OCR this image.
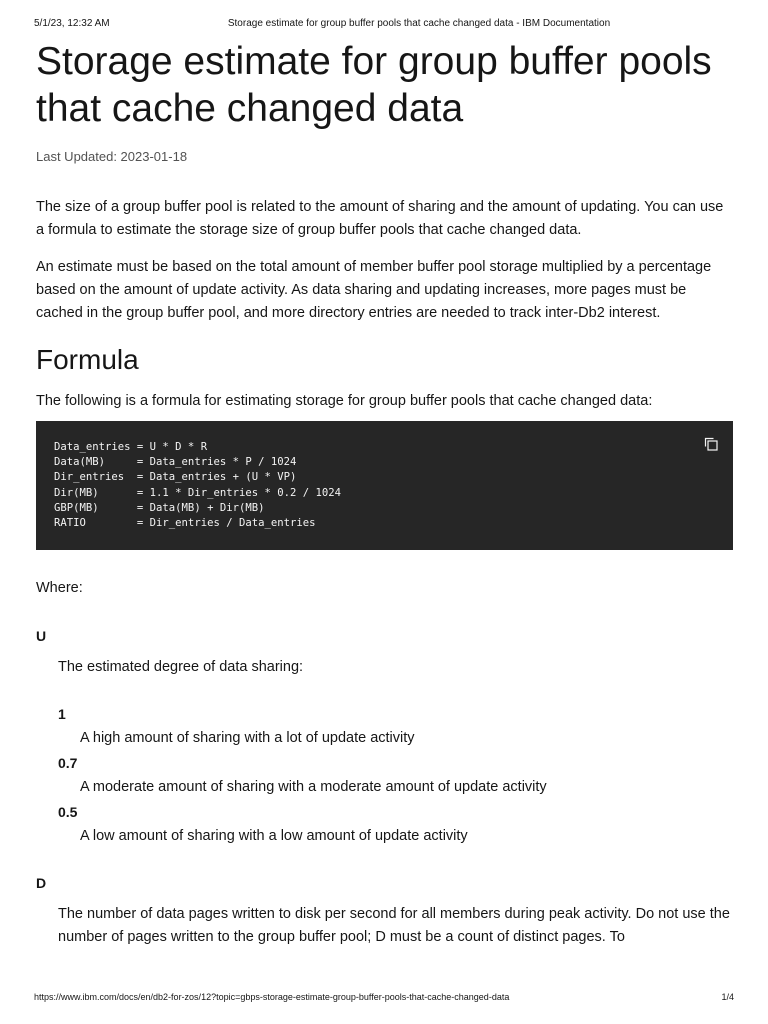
5/1/23, 12:32 AM	Storage estimate for group buffer pools that cache changed data - IBM Documentation
Storage estimate for group buffer pools that cache changed data
Last Updated: 2023-01-18

The size of a group buffer pool is related to the amount of sharing and the amount of updating. You can use a formula to estimate the storage size of group buffer pools that cache changed data.

An estimate must be based on the total amount of member buffer pool storage multiplied by a percentage based on the amount of update activity. As data sharing and updating increases, more pages must be cached in the group buffer pool, and more directory entries are needed to track inter-Db2 interest.

Formula

The following is a formula for estimating storage for group buffer pools that cache changed data:

Data_entries = U * D * R
Data(MB)     = Data_entries * P / 1024
Dir_entries  = Data_entries + (U * VP)
Dir(MB)      = 1.1 * Dir_entries * 0.2 / 1024
GBP(MB)      = Data(MB) + Dir(MB)
RATIO        = Dir_entries / Data_entries

Where:

U

The estimated degree of data sharing:

1
A high amount of sharing with a lot of update activity
0.7
A moderate amount of sharing with a moderate amount of update activity
0.5
A low amount of sharing with a low amount of update activity
D

The number of data pages written to disk per second for all members during peak activity. Do not use the number of pages written to the group buffer pool; D must be a count of distinct pages. To

https://www.ibm.com/docs/en/db2-for-zos/12?topic=gbps-storage-estimate-group-buffer-pools-that-cache-changed-data	1/4
